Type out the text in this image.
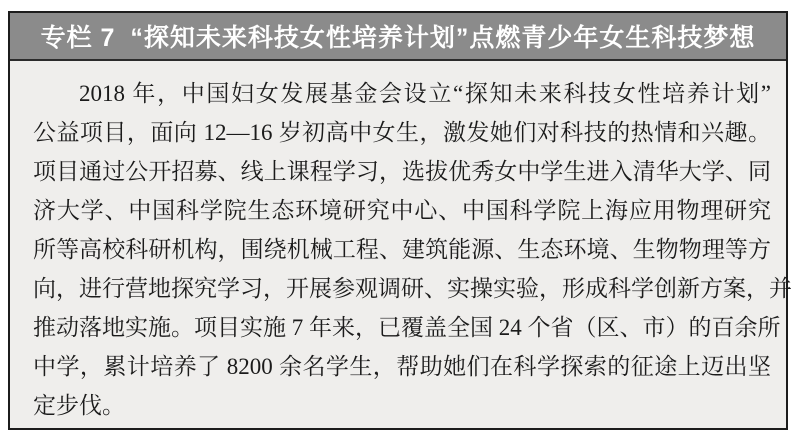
专栏 7 “探知未来科技女性培养计划”点燃青少年女生科技梦想

2018 年，中国妇女发展基金会设立“探知未来科技女性培养计划”

公益项目，面向 12—16 岁初高中女生，激发她们对科技的热情和兴趣。

项目通过公开招募、线上课程学习，选拔优秀女中学生进入清华大学、同

济大学、中国科学院生态环境研究中心、中国科学院上海应用物理研究

所等高校科研机构，围绕机械工程、建筑能源、生态环境、生物物理等方

向，进行营地探究学习，开展参观调研、实操实验，形成科学创新方案，并

推动落地实施。项目实施 7 年来，已覆盖全国 24 个省（区、市）的百余所

中学，累计培养了 8200 余名学生，帮助她们在科学探索的征途上迈出坚

定步伐。
